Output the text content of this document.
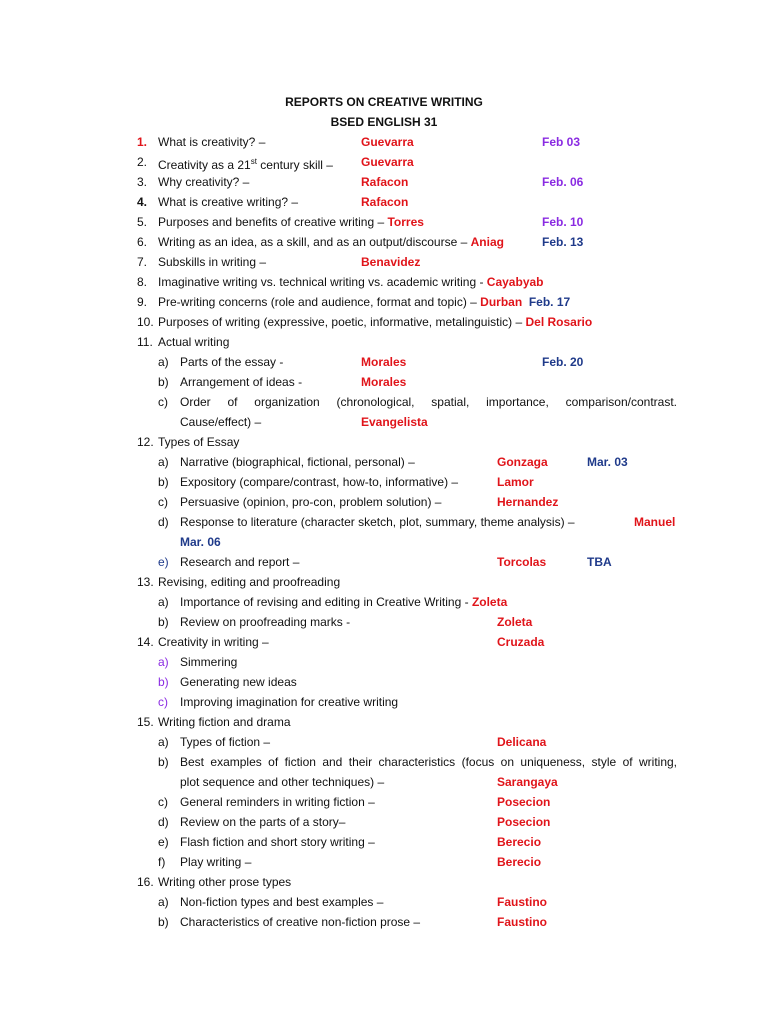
REPORTS ON CREATIVE WRITING
BSED ENGLISH 31
1. What is creativity? –	Guevarra	Feb 03
2. Creativity as a 21st century skill – Guevarra
3. Why creativity? –	Rafacon	Feb. 06
4. What is creative writing? –	Rafacon
5. Purposes and benefits of creative writing – Torres	Feb. 10
6. Writing as an idea, as a skill, and as an output/discourse – Aniag	Feb. 13
7. Subskills in writing –	Benavidez
8. Imaginative writing vs. technical writing vs. academic writing - Cayabyab
9. Pre-writing concerns (role and audience, format and topic) – Durban Feb. 17
10. Purposes of writing (expressive, poetic, informative, metalinguistic) – Del Rosario
11. Actual writing
a) Parts of the essay -	Morales	Feb. 20
b) Arrangement of ideas -	Morales
c) Order of organization (chronological, spatial, importance, comparison/contrast.
Cause/effect) –	Evangelista
12. Types of Essay
a) Narrative (biographical, fictional, personal) –	Gonzaga	Mar. 03
b) Expository (compare/contrast, how-to, informative) –	Lamor
c) Persuasive (opinion, pro-con, problem solution) –	Hernandez
d) Response to literature (character sketch, plot, summary, theme analysis) –	Manuel
Mar. 06
e) Research and report –	Torcolas	TBA
13. Revising, editing and proofreading
a) Importance of revising and editing in Creative Writing - Zoleta
b) Review on proofreading marks -	Zoleta
14. Creativity in writing –	Cruzada
a) Simmering
b) Generating new ideas
c) Improving imagination for creative writing
15. Writing fiction and drama
a) Types of fiction –	Delicana
b) Best examples of fiction and their characteristics (focus on uniqueness, style of writing,
plot sequence and other techniques) –	Sarangaya
c) General reminders in writing fiction –	Posecion
d) Review on the parts of a story–	Posecion
e) Flash fiction and short story writing –	Berecio
f) Play writing –	Berecio
16. Writing other prose types
a) Non-fiction types and best examples –	Faustino
b) Characteristics of creative non-fiction prose –	Faustino
